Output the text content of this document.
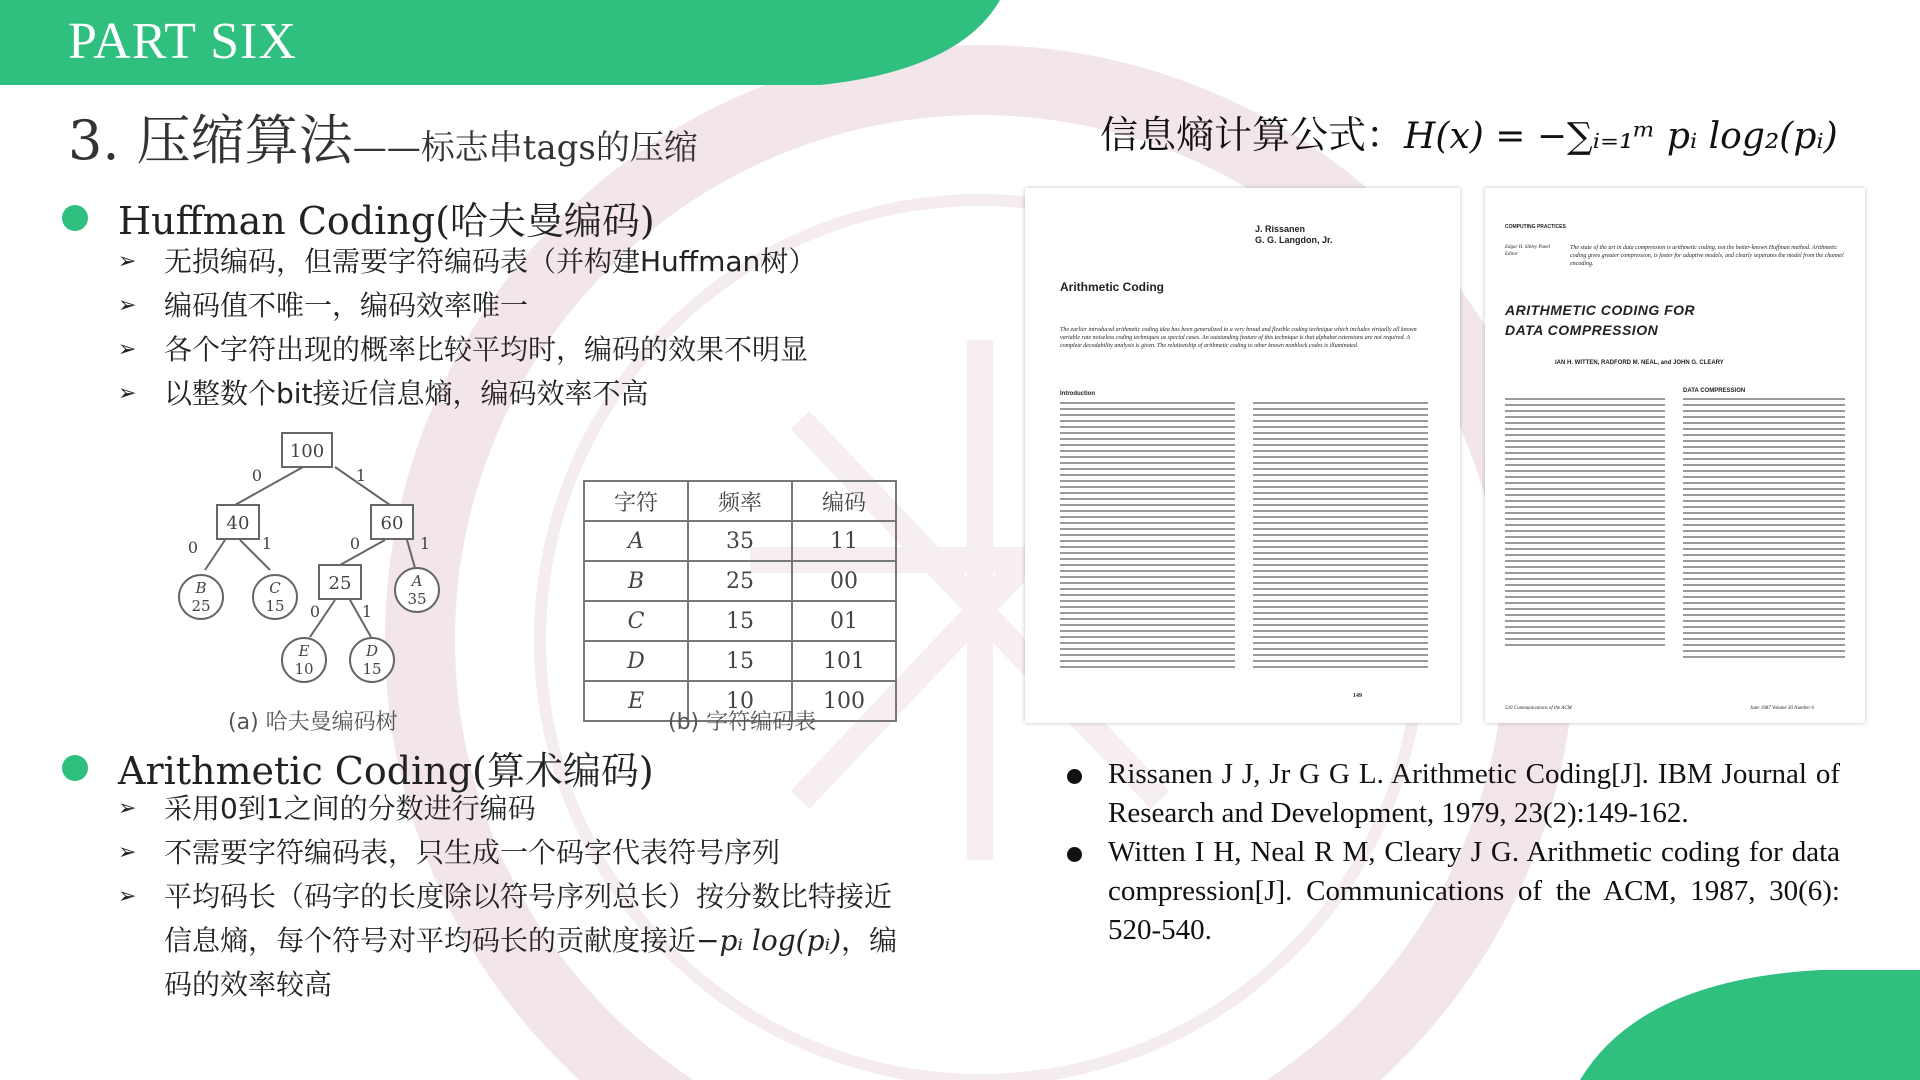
PART SIX
3. 压缩算法——标志串tags的压缩	信息熵计算公式：H(x) = −∑ᵢ₌₁ᵐ pᵢ log₂(pᵢ)
Huffman Coding(哈夫曼编码)
➢ 无损编码，但需要字符编码表（并构建Huffman树）
➢ 编码值不唯一，编码效率唯一
➢ 各个字符出现的概率比较平均时，编码的效果不明显
➢ 以整数个bit接近信息熵，编码效率不高
100
40	60
25
B
25
C
15
A
35
E
10
D
15
0	1
0	1	0	1
0	1
(a) 哈夫曼编码树
字符	频率	编码
A	35	11
B	25	00
C	15	01
D	15	101
E	10	100
(b) 字符编码表
Arithmetic Coding(算术编码)
➢ 采用0到1之间的分数进行编码
➢ 不需要字符编码表，只生成一个码字代表符号序列
➢ 平均码长（码字的长度除以符号序列总长）按分数比特接近信息熵，每个符号对平均码长的贡献度接近−pᵢ log(pᵢ)，编码的效率较高
J. Rissanen
G. G. Langdon, Jr.
Arithmetic Coding
The earlier introduced arithmetic coding idea has been generalized to a very broad and flexible coding technique which includes virtually all known variable rate noiseless coding techniques as special cases. An outstanding feature of this technique is that alphabet extensions are not required. A complete decodability analysis is given. The relationship of arithmetic coding to other known nonblock codes is illuminated.
Introduction
149
COMPUTING PRACTICES
Edgar H. Sibley Panel Editor
The state of the art in data compression is arithmetic coding, not the better-known Huffman method. Arithmetic coding gives greater compression, is faster for adaptive models, and clearly separates the model from the channel encoding.
ARITHMETIC CODING FOR
DATA COMPRESSION
IAN H. WITTEN, RADFORD M. NEAL, and JOHN G. CLEARY
DATA COMPRESSION
520 Communications of the ACM	June 1987 Volume 30 Number 6
Rissanen J J, Jr G G L. Arithmetic Coding[J]. IBM Journal of Research and Development, 1979, 23(2):149-162.
Witten I H, Neal R M, Cleary J G. Arithmetic coding for data compression[J]. Communications of the ACM, 1987, 30(6): 520-540.
